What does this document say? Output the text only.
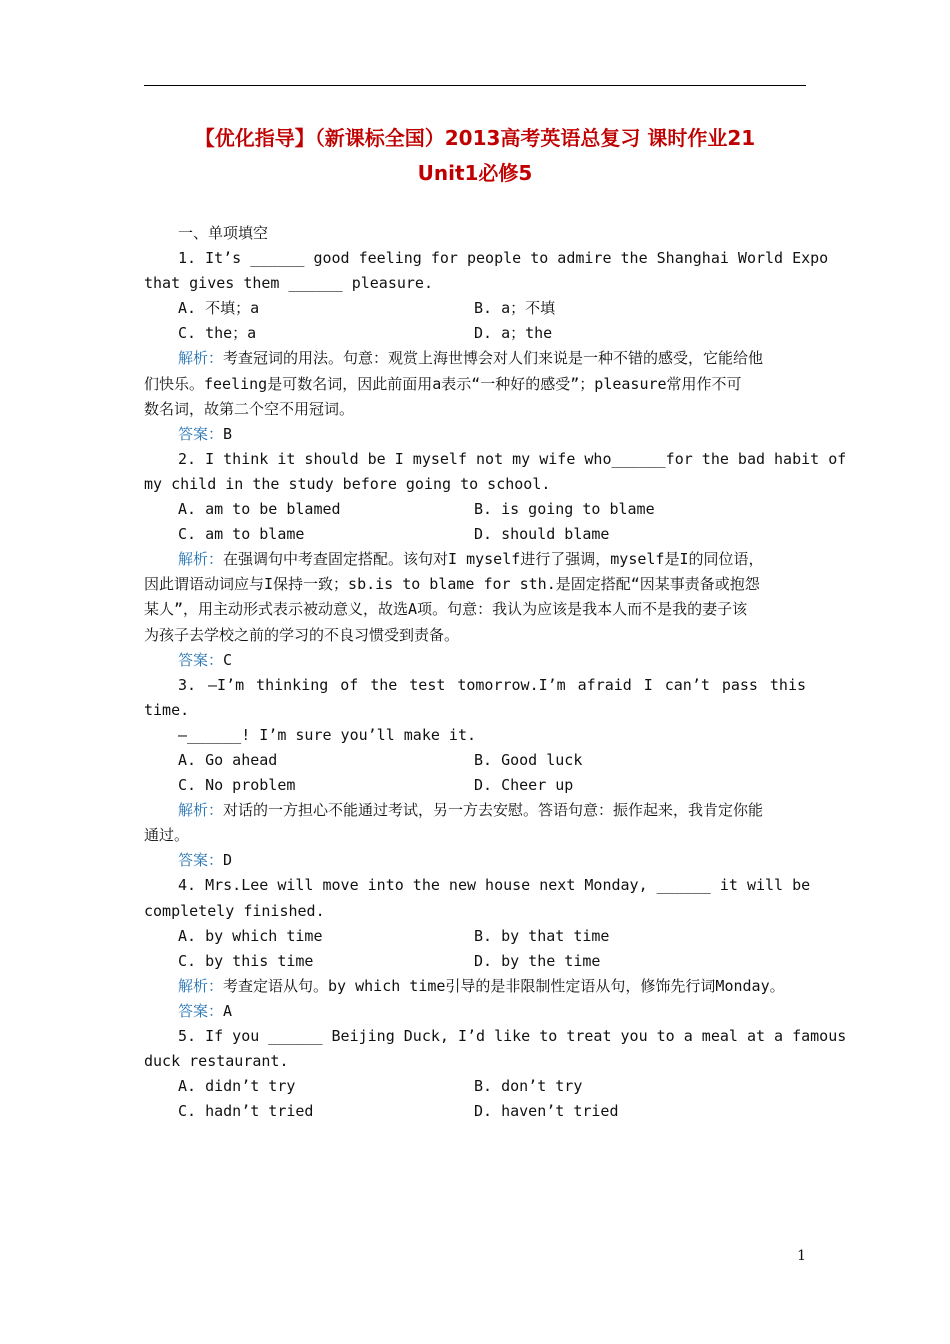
【优化指导】（新课标全国）2013高考英语总复习 课时作业21
Unit1必修5
一、单项填空
1. It’s ______ good feeling for people to admire the Shanghai World Expo
that gives them ______ pleasure.
A. 不填；a	B. a；不填
C. the；a	D. a；the
解析：考查冠词的用法。句意：观赏上海世博会对人们来说是一种不错的感受，它能给他
们快乐。feeling是可数名词，因此前面用a表示“一种好的感受”；pleasure常用作不可
数名词，故第二个空不用冠词。
答案：B
2. I think it should be I myself not my wife who______for the bad habit of
my child in the study before going to school.
A. am to be blamed	B. is going to blame
C. am to blame	D. should blame
解析：在强调句中考查固定搭配。该句对I myself进行了强调，myself是I的同位语，
因此谓语动词应与I保持一致；sb.is to blame for sth.是固定搭配“因某事责备或抱怨
某人”，用主动形式表示被动意义，故选A项。句意：我认为应该是我本人而不是我的妻子该
为孩子去学校之前的学习的不良习惯受到责备。
答案：C
3. —I’m thinking of the test tomorrow.I’m afraid I can’t pass this
time.
—______! I’m sure you’ll make it.
A. Go ahead	B. Good luck
C. No problem	D. Cheer up
解析：对话的一方担心不能通过考试，另一方去安慰。答语句意：振作起来，我肯定你能
通过。
答案：D
4. Mrs.Lee will move into the new house next Monday, ______ it will be
completely finished.
A. by which time	B. by that time
C. by this time	D. by the time
解析：考查定语从句。by which time引导的是非限制性定语从句，修饰先行词Monday。
答案：A
5. If you ______ Beijing Duck, I’d like to treat you to a meal at a famous
duck restaurant.
A. didn’t try	B. don’t try
C. hadn’t tried	D. haven’t tried
1
